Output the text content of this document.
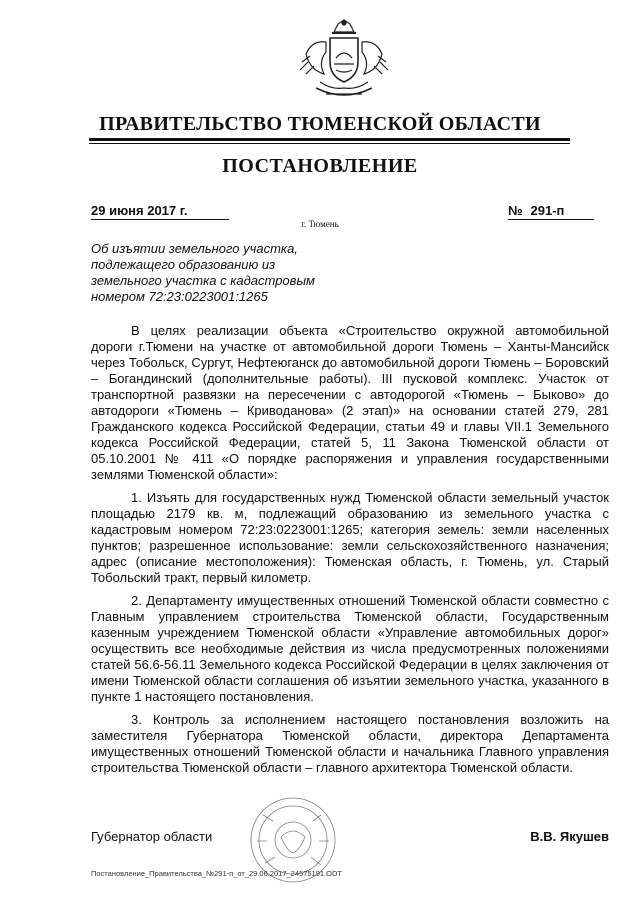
ПРАВИТЕЛЬСТВО ТЮМЕНСКОЙ ОБЛАСТИ
ПОСТАНОВЛЕНИЕ
29 июня 2017 г.	№ 291-п
г. Тюмень
Об изъятии земельного участка,
подлежащего образованию из
земельного участка с кадастровым
номером 72:23:0223001:1265

В целях реализации объекта «Строительство окружной автомобильной дороги г.Тюмени на участке от автомобильной дороги Тюмень – Ханты-Мансийск через Тобольск, Сургут, Нефтеюганск до автомобильной дороги Тюмень – Боровский – Богандинский (дополнительные работы). III пусковой комплекс. Участок от транспортной развязки на пересечении с автодорогой «Тюмень – Быково» до автодороги «Тюмень – Криводанова» (2 этап)» на основании статей 279, 281 Гражданского кодекса Российской Федерации, статьи 49 и главы VII.1 Земельного кодекса Российской Федерации, статей 5, 11 Закона Тюменской области от 05.10.2001 № 411 «О порядке распоряжения и управления государственными землями Тюменской области»:

1. Изъять для государственных нужд Тюменской области земельный участок площадью 2179 кв. м, подлежащий образованию из земельного участка с кадастровым номером 72:23:0223001:1265; категория земель: земли населенных пунктов; разрешенное использование: земли сельскохозяйственного назначения; адрес (описание местоположения): Тюменская область, г. Тюмень, ул. Старый Тобольский тракт, первый километр.

2. Департаменту имущественных отношений Тюменской области совместно с Главным управлением строительства Тюменской области, Государственным казенным учреждением Тюменской области «Управление автомобильных дорог» осуществить все необходимые действия из числа предусмотренных положениями статей 56.6-56.11 Земельного кодекса Российской Федерации в целях заключения от имени Тюменской области соглашения об изъятии земельного участка, указанного в пункте 1 настоящего постановления.

3. Контроль за исполнением настоящего постановления возложить на заместителя Губернатора Тюменской области, директора Департамента имущественных отношений Тюменской области и начальника Главного управления строительства Тюменской области – главного архитектора Тюменской области.

Губернатор области	В.В. Якушев
Постановление_Правительства_№291-п_от_29.06.2017_24575191.ODT
